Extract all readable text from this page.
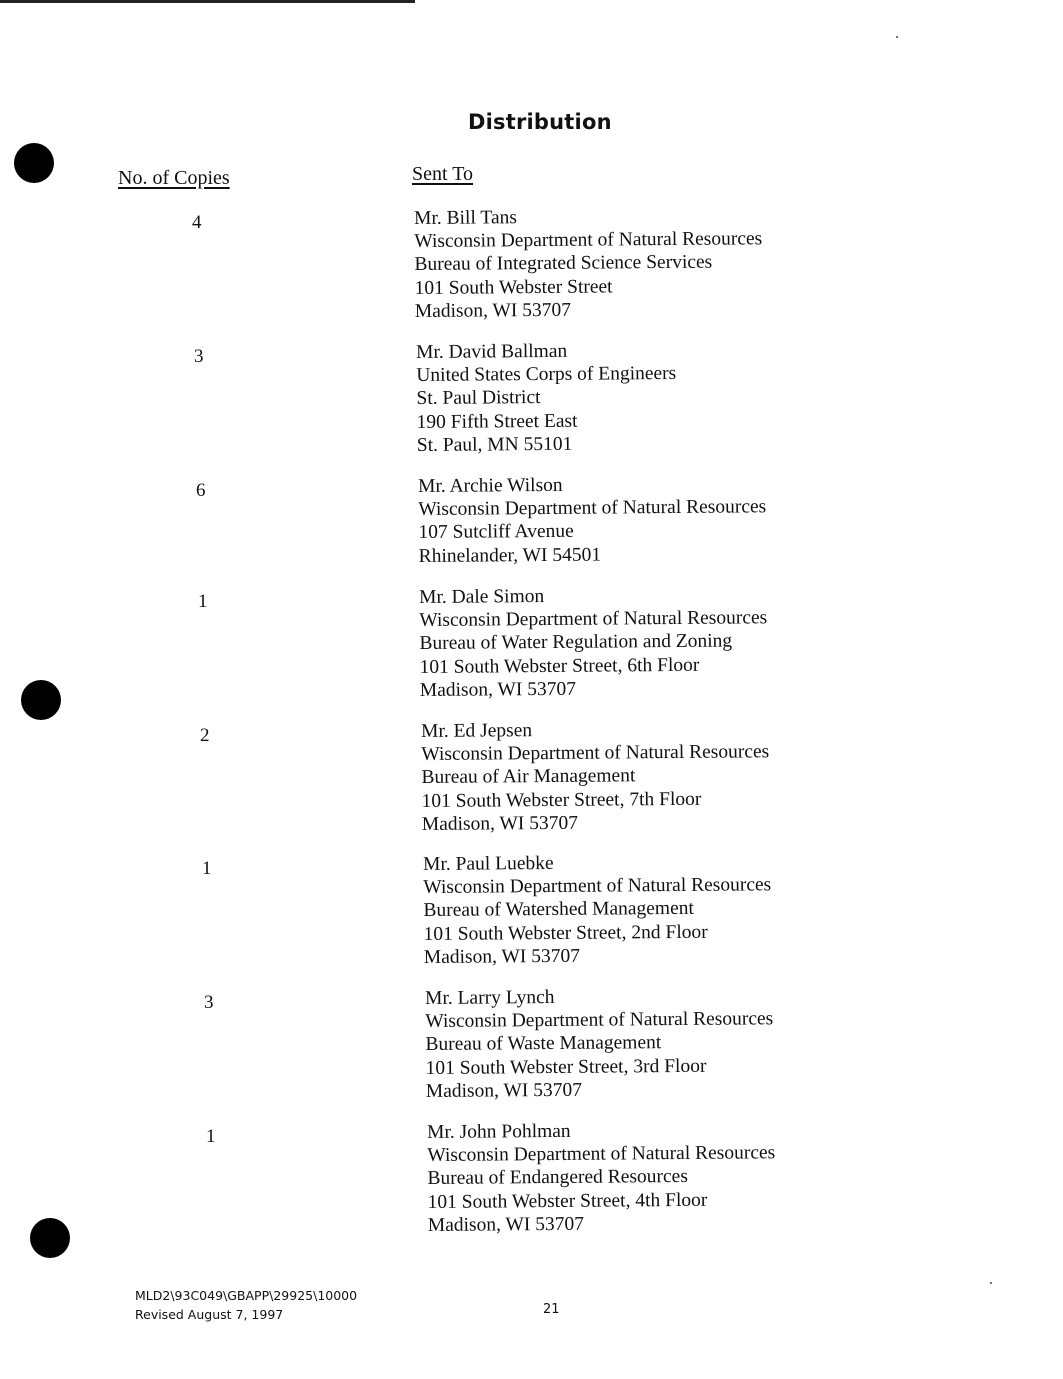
Distribution
No. of Copies	Sent To
4	Mr. Bill Tans
Wisconsin Department of Natural Resources
Bureau of Integrated Science Services
101 South Webster Street
Madison, WI 53707
3	Mr. David Ballman
United States Corps of Engineers
St. Paul District
190 Fifth Street East
St. Paul, MN 55101
6	Mr. Archie Wilson
Wisconsin Department of Natural Resources
107 Sutcliff Avenue
Rhinelander, WI 54501
1	Mr. Dale Simon
Wisconsin Department of Natural Resources
Bureau of Water Regulation and Zoning
101 South Webster Street, 6th Floor
Madison, WI 53707
2	Mr. Ed Jepsen
Wisconsin Department of Natural Resources
Bureau of Air Management
101 South Webster Street, 7th Floor
Madison, WI 53707
1	Mr. Paul Luebke
Wisconsin Department of Natural Resources
Bureau of Watershed Management
101 South Webster Street, 2nd Floor
Madison, WI 53707
3	Mr. Larry Lynch
Wisconsin Department of Natural Resources
Bureau of Waste Management
101 South Webster Street, 3rd Floor
Madison, WI 53707
1	Mr. John Pohlman
Wisconsin Department of Natural Resources
Bureau of Endangered Resources
101 South Webster Street, 4th Floor
Madison, WI 53707
MLD2\93C049\GBAPP\29925\10000
Revised August 7, 1997	21
